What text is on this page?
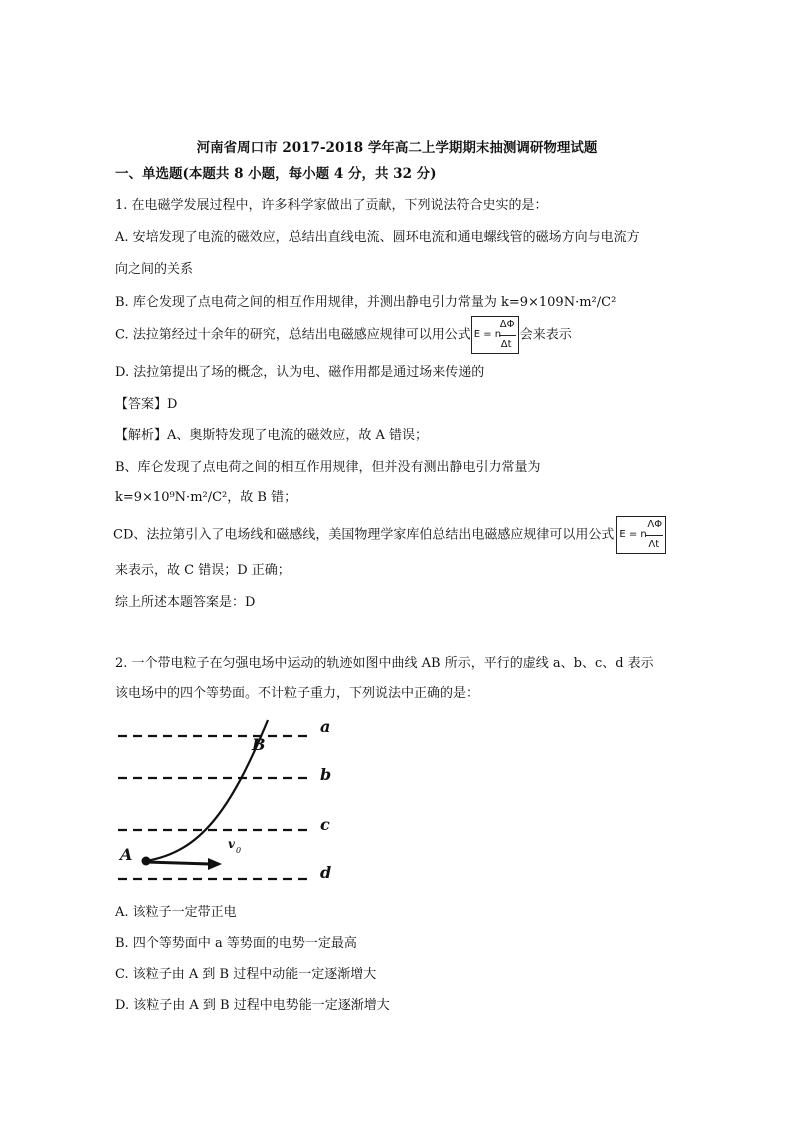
河南省周口市 2017-2018 学年高二上学期期末抽测调研物理试题
一、单选题(本题共 8 小题，每小题 4 分，共 32 分)
1. 在电磁学发展过程中，许多科学家做出了贡献，下列说法符合史实的是：
A. 安培发现了电流的磁效应，总结出直线电流、圆环电流和通电螺线管的磁场方向与电流方
向之间的关系
B. 库仑发现了点电荷之间的相互作用规律，并测出静电引力常量为 k=9×109N·m²/C²
C. 法拉第经过十余年的研究，总结出电磁感应规律可以用公式 E = n
ΔΦ
Δt
会来表示
D. 法拉第提出了场的概念，认为电、磁作用都是通过场来传递的
【答案】D
【解析】A、奥斯特发现了电流的磁效应，故 A 错误；
B、库仑发现了点电荷之间的相互作用规律，但并没有测出静电引力常量为
k=9×10⁹N·m²/C²，故 B 错；
CD、法拉第引入了电场线和磁感线，美国物理学家库伯总结出电磁感应规律可以用公式 E = n
ΛΦ
Λt
来表示，故 C 错误；D 正确；
综上所述本题答案是：D
2. 一个带电粒子在匀强电场中运动的轨迹如图中曲线 AB 所示，平行的虚线 a、b、c、d 表示
该电场中的四个等势面。不计粒子重力，下列说法中正确的是：
a
b
c
d
B
A
v 0
A. 该粒子一定带正电
B. 四个等势面中 a 等势面的电势一定最高
C. 该粒子由 A 到 B 过程中动能一定逐渐增大
D. 该粒子由 A 到 B 过程中电势能一定逐渐增大
